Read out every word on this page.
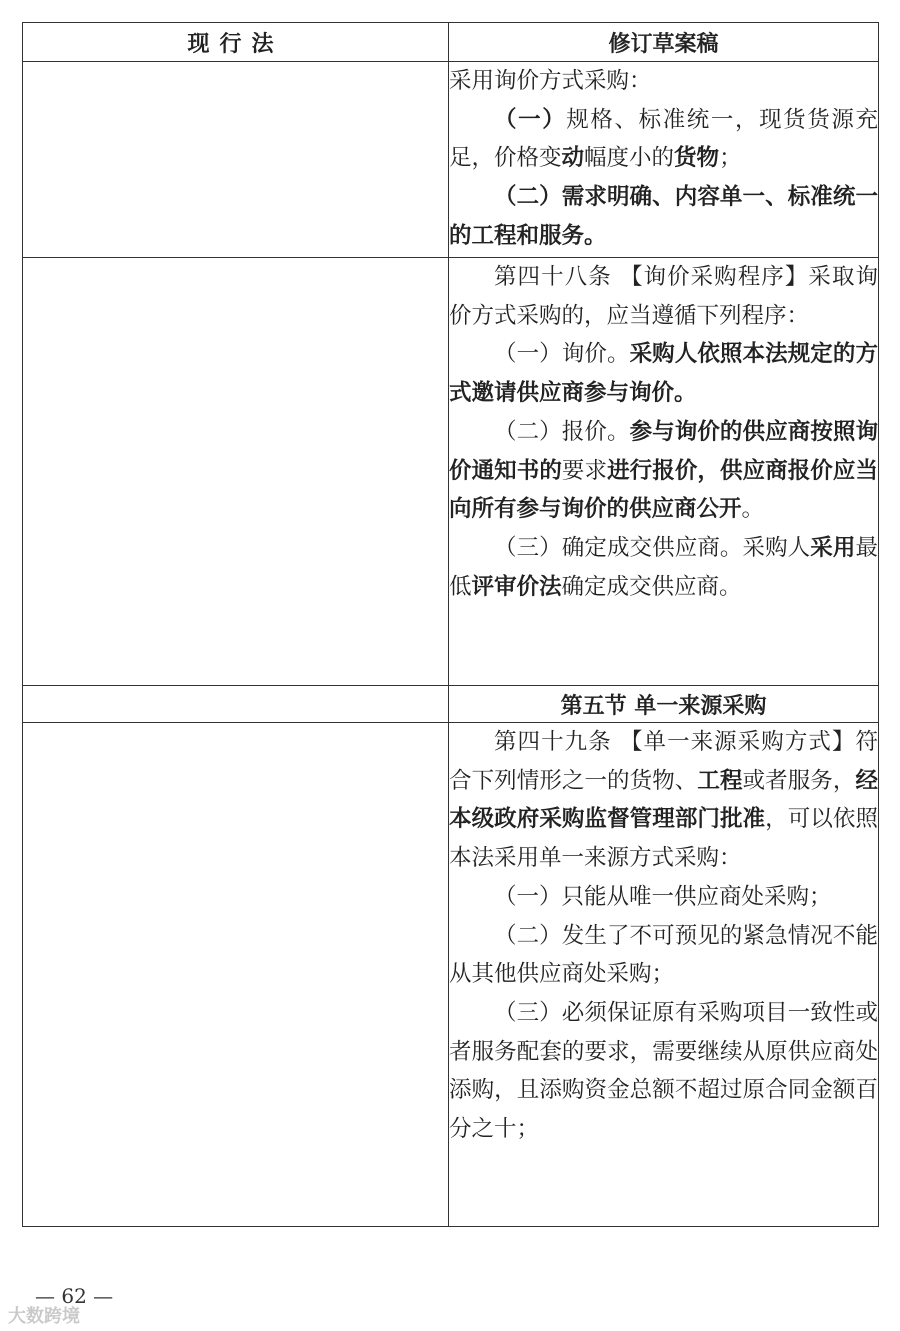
现行法	修订草案稿

	采用询价方式采购：

（一）规格、标准统一，现货货源充足，价格变动幅度小的货物；

（二）需求明确、内容单一、标准统一的工程和服务。

	第四十八条 【询价采购程序】采取询价方式采购的，应当遵循下列程序：

（一）询价。采购人依照本法规定的方式邀请供应商参与询价。

（二）报价。参与询价的供应商按照询价通知书的要求进行报价，供应商报价应当向所有参与询价的供应商公开。

（三）确定成交供应商。采购人采用最低评审价法确定成交供应商。

	第五节 单一来源采购

	第四十九条 【单一来源采购方式】符合下列情形之一的货物、工程或者服务，经本级政府采购监督管理部门批准，可以依照本法采用单一来源方式采购：

（一）只能从唯一供应商处采购；

（二）发生了不可预见的紧急情况不能从其他供应商处采购；

（三）必须保证原有采购项目一致性或者服务配套的要求，需要继续从原供应商处添购，且添购资金总额不超过原合同金额百分之十；

— 62 —
大数跨境
